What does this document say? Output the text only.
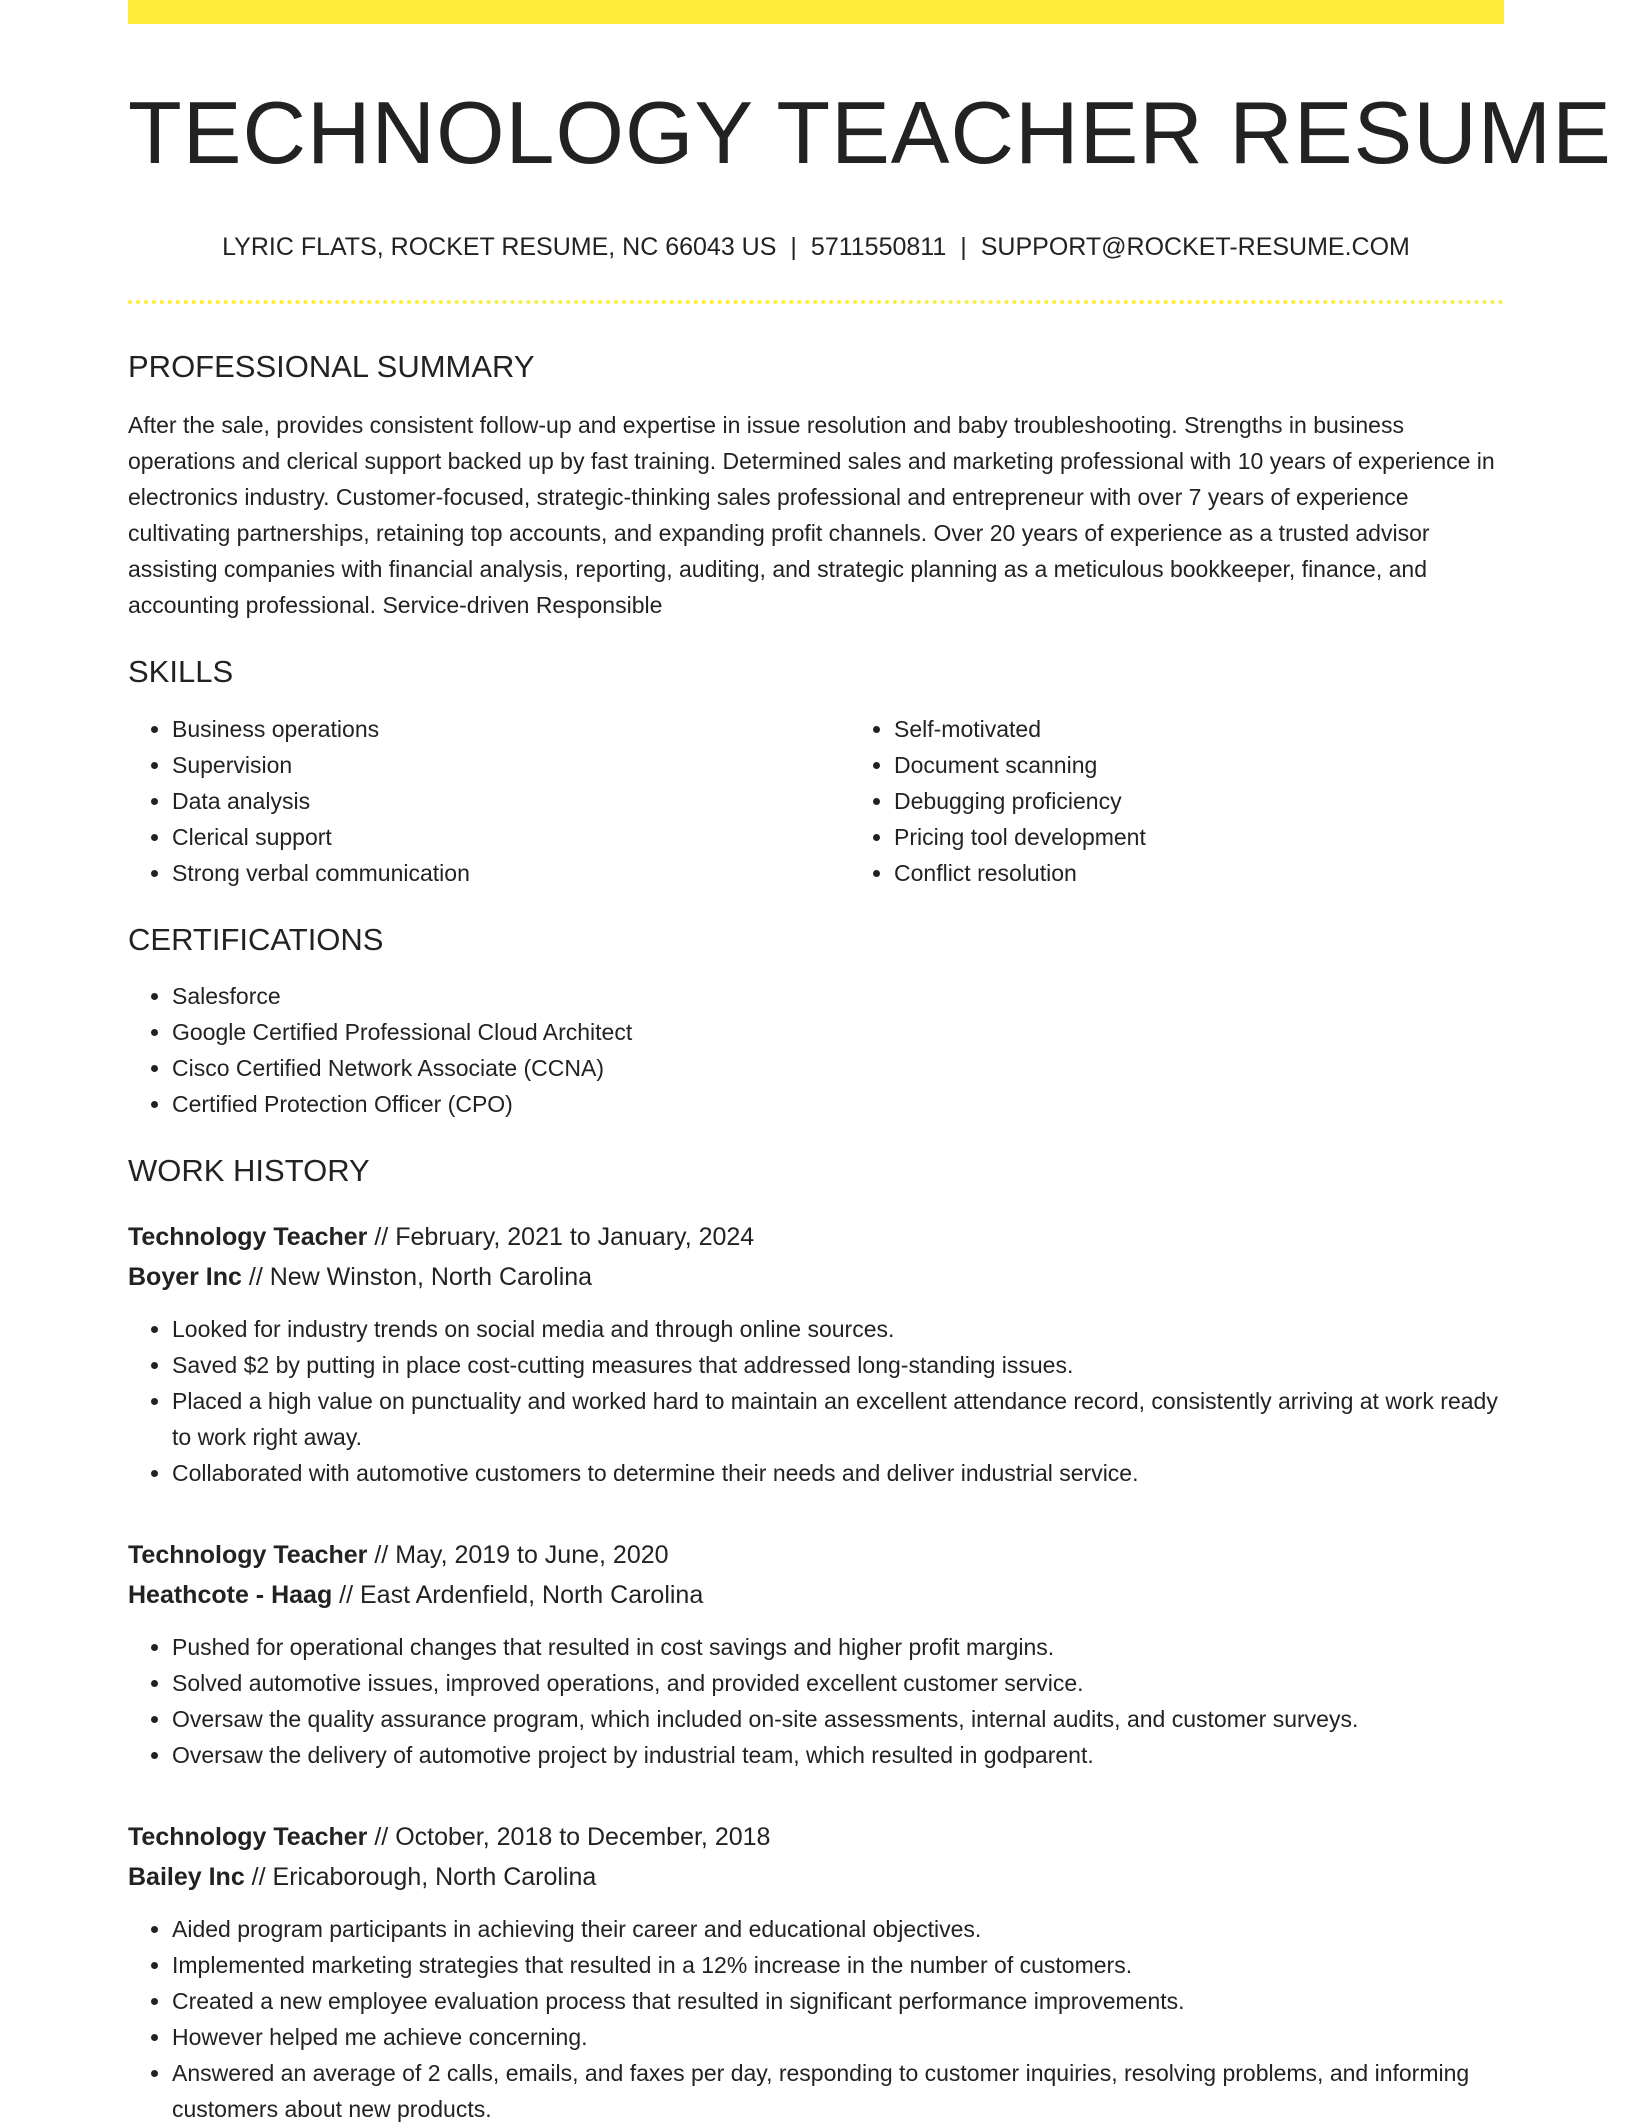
TECHNOLOGY TEACHER RESUME
LYRIC FLATS, ROCKET RESUME, NC 66043 US | 5711550811 | SUPPORT@ROCKET-RESUME.COM
PROFESSIONAL SUMMARY

After the sale, provides consistent follow-up and expertise in issue resolution and baby troubleshooting. Strengths in business operations and clerical support backed up by fast training. Determined sales and marketing professional with 10 years of experience in electronics industry. Customer-focused, strategic-thinking sales professional and entrepreneur with over 7 years of experience cultivating partnerships, retaining top accounts, and expanding profit channels. Over 20 years of experience as a trusted advisor assisting companies with financial analysis, reporting, auditing, and strategic planning as a meticulous bookkeeper, finance, and accounting professional. Service-driven Responsible

SKILLS
• Business operations
• Supervision
• Data analysis
• Clerical support
• Strong verbal communication
• Self-motivated
• Document scanning
• Debugging proficiency
• Pricing tool development
• Conflict resolution
CERTIFICATIONS
• Salesforce
• Google Certified Professional Cloud Architect
• Cisco Certified Network Associate (CCNA)
• Certified Protection Officer (CPO)
WORK HISTORY
Technology Teacher // February, 2021 to January, 2024
Boyer Inc // New Winston, North Carolina
• Looked for industry trends on social media and through online sources.
• Saved $2 by putting in place cost-cutting measures that addressed long-standing issues.
• Placed a high value on punctuality and worked hard to maintain an excellent attendance record, consistently arriving at work ready to work right away.
• Collaborated with automotive customers to determine their needs and deliver industrial service.
Technology Teacher // May, 2019 to June, 2020
Heathcote - Haag // East Ardenfield, North Carolina
• Pushed for operational changes that resulted in cost savings and higher profit margins.
• Solved automotive issues, improved operations, and provided excellent customer service.
• Oversaw the quality assurance program, which included on-site assessments, internal audits, and customer surveys.
• Oversaw the delivery of automotive project by industrial team, which resulted in godparent.
Technology Teacher // October, 2018 to December, 2018
Bailey Inc // Ericaborough, North Carolina
• Aided program participants in achieving their career and educational objectives.
• Implemented marketing strategies that resulted in a 12% increase in the number of customers.
• Created a new employee evaluation process that resulted in significant performance improvements.
• However helped me achieve concerning.
• Answered an average of 2 calls, emails, and faxes per day, responding to customer inquiries, resolving problems, and informing customers about new products.
